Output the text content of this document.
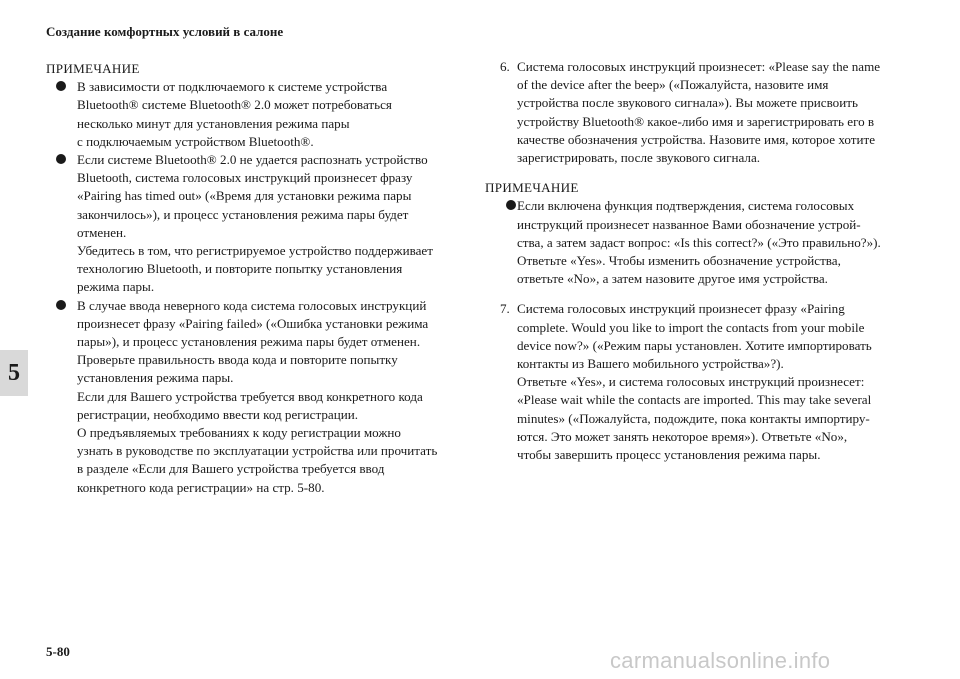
Создание комфортных условий в салоне
5
ПРИМЕЧАНИЕ
В зависимости от подключаемого к системе устройства
Bluetooth® системе Bluetooth® 2.0 может потребоваться
несколько минут для установления режима пары
с подключаемым устройством Bluetooth®.
Если системе Bluetooth® 2.0 не удается распознать устройство
Bluetooth, система голосовых инструкций произнесет фразу
«Pairing has timed out» («Время для установки режима пары
закончилось»), и процесс установления режима пары будет
отменен.
Убедитесь в том, что регистрируемое устройство поддерживает
технологию Bluetooth, и повторите попытку установления
режима пары.
В случае ввода неверного кода система голосовых инструкций
произнесет фразу «Pairing failed» («Ошибка установки режима
пары»), и процесс установления режима пары будет отменен.
Проверьте правильность ввода кода и повторите попытку
установления режима пары.
Если для Вашего устройства требуется ввод конкретного кода
регистрации, необходимо ввести код регистрации.
О предъявляемых требованиях к коду регистрации можно
узнать в руководстве по эксплуатации устройства или прочитать
в разделе «Если для Вашего устройства требуется ввод
конкретного кода регистрации» на стр. 5-80.
6. Система голосовых инструкций произнесет: «Please say the name
of the device after the beep» («Пожалуйста, назовите имя
устройства после звукового сигнала»). Вы можете присвоить
устройству Bluetooth® какое-либо имя и зарегистрировать его в
качестве обозначения устройства. Назовите имя, которое хотите
зарегистрировать, после звукового сигнала.
ПРИМЕЧАНИЕ
Если включена функция подтверждения, система голосовых
инструкций произнесет названное Вами обозначение устрой-
ства, а затем задаст вопрос: «Is this correct?» («Это правильно?»).
Ответьте «Yes». Чтобы изменить обозначение устройства,
ответьте «No», а затем назовите другое имя устройства.
7. Система голосовых инструкций произнесет фразу «Pairing
complete. Would you like to import the contacts from your mobile
device now?» («Режим пары установлен. Хотите импортировать
контакты из Вашего мобильного устройства»?).
Ответьте «Yes», и система голосовых инструкций произнесет:
«Please wait while the contacts are imported. This may take several
minutes» («Пожалуйста, подождите, пока контакты импортиру-
ются. Это может занять некоторое время»). Ответьте «No»,
чтобы завершить процесс установления режима пары.
5-80	carmanualsonline.info
